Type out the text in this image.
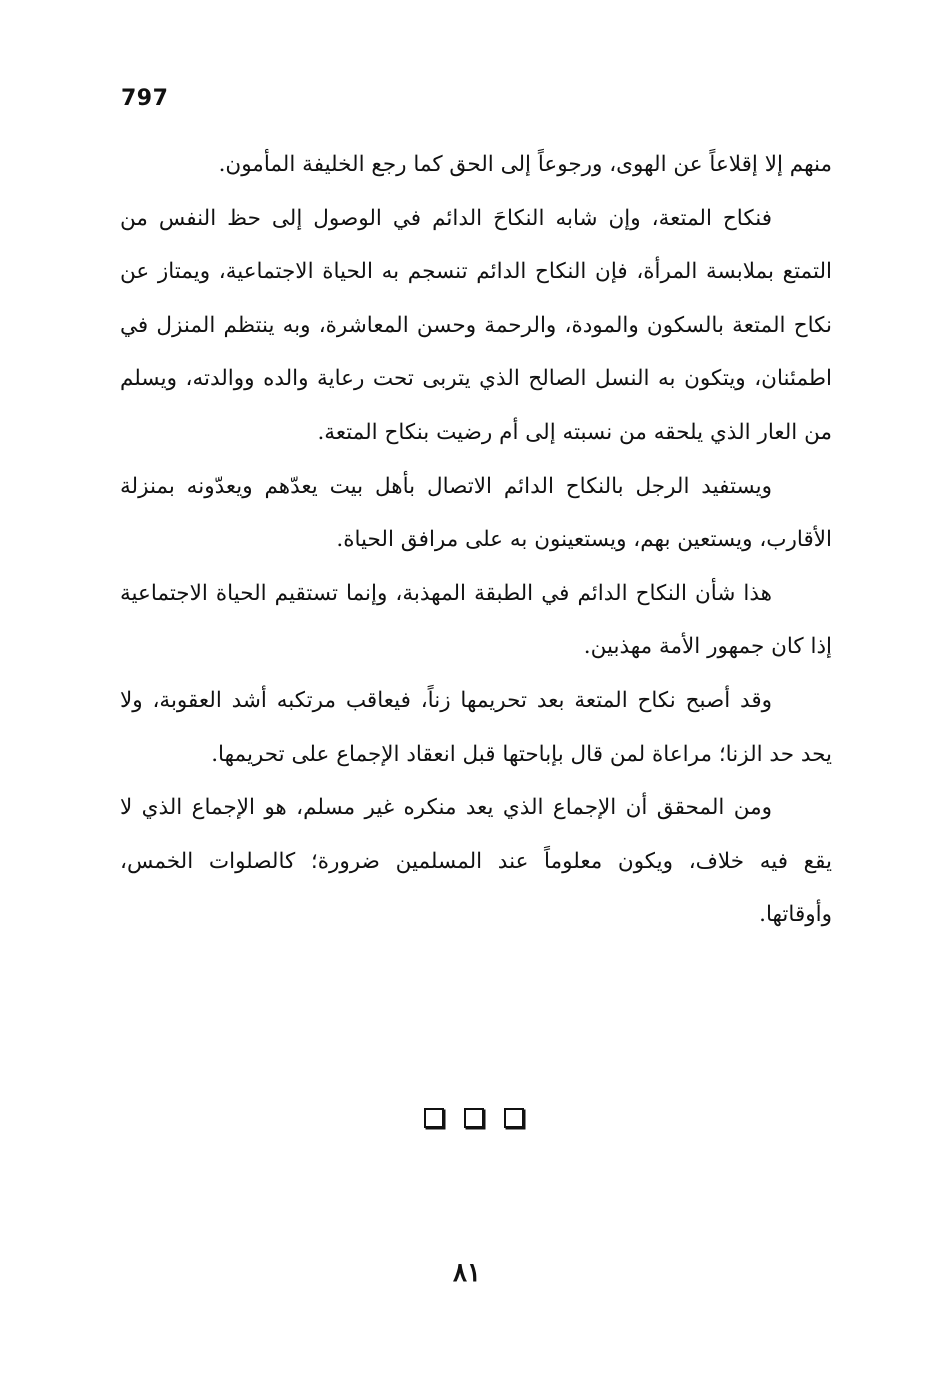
797

منهم إلا إقلاعاً عن الهوى، ورجوعاً إلى الحق كما رجع الخليفة المأمون.

فنكاح المتعة، وإن شابه النكاحَ الدائم في الوصول إلى حظ النفس من التمتع بملابسة المرأة، فإن النكاح الدائم تنسجم به الحياة الاجتماعية، ويمتاز عن نكاح المتعة بالسكون والمودة، والرحمة وحسن المعاشرة، وبه ينتظم المنزل في اطمئنان، ويتكون به النسل الصالح الذي يتربى تحت رعاية والده ووالدته، ويسلم من العار الذي يلحقه من نسبته إلى أم رضيت بنكاح المتعة.

ويستفيد الرجل بالنكاح الدائم الاتصال بأهل بيت يعدّهم ويعدّونه بمنزلة الأقارب، ويستعين بهم، ويستعينون به على مرافق الحياة.

هذا شأن النكاح الدائم في الطبقة المهذبة، وإنما تستقيم الحياة الاجتماعية إذا كان جمهور الأمة مهذبين.

وقد أصبح نكاح المتعة بعد تحريمها زناً، فيعاقب مرتكبه أشد العقوبة، ولا يحد حد الزنا؛ مراعاة لمن قال بإباحتها قبل انعقاد الإجماع على تحريمها.

ومن المحقق أن الإجماع الذي يعد منكره غير مسلم، هو الإجماع الذي لا يقع فيه خلاف، ويكون معلوماً عند المسلمين ضرورة؛ كالصلوات الخمس، وأوقاتها.

٨١
